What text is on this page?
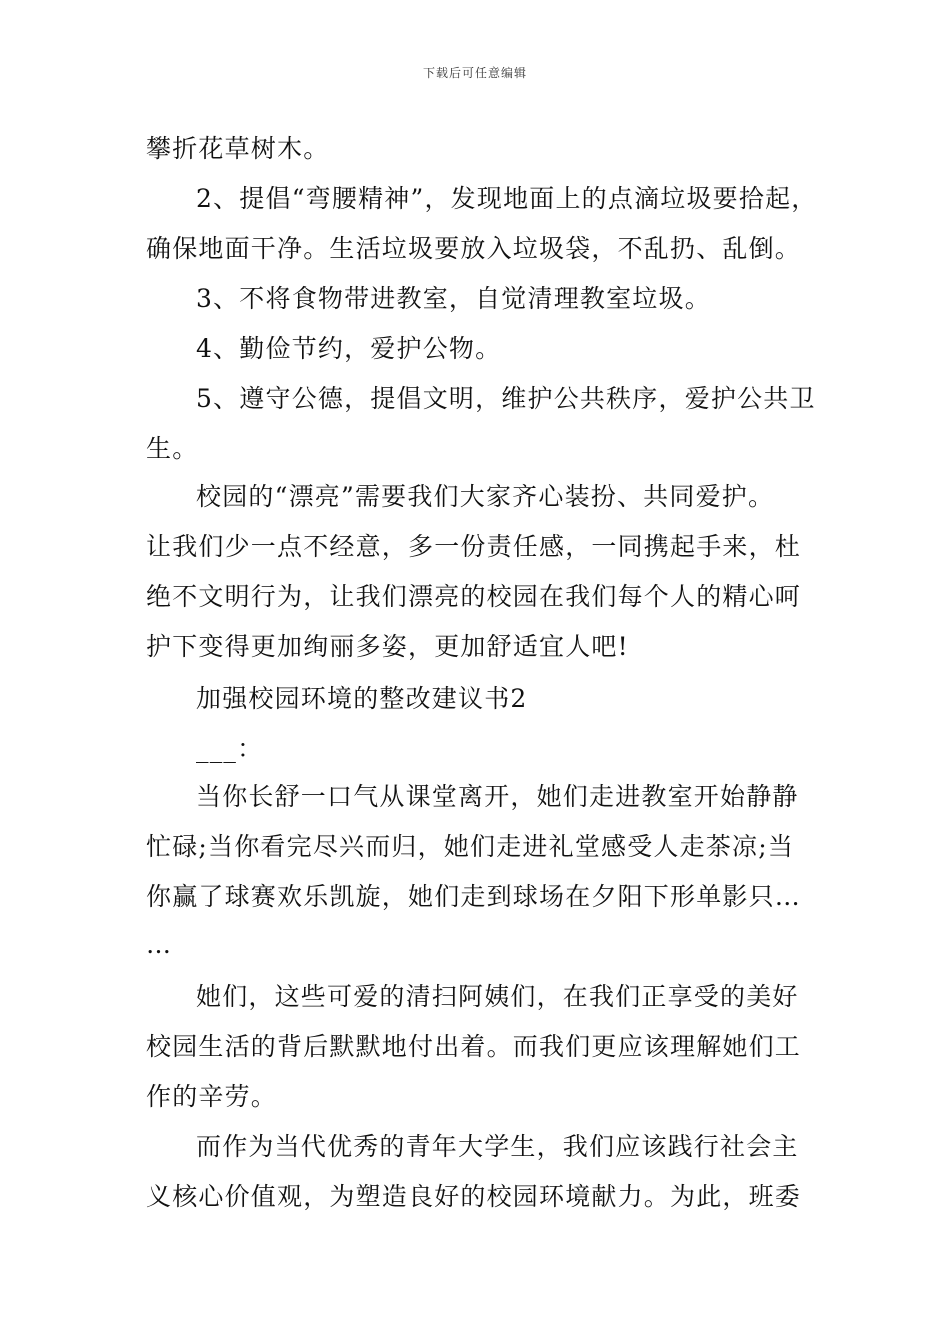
下载后可任意编辑
攀折花草树木。
2、提倡“弯腰精神”，发现地面上的点滴垃圾要拾起，
确保地面干净。生活垃圾要放入垃圾袋，不乱扔、乱倒。
3、不将食物带进教室，自觉清理教室垃圾。
4、勤俭节约，爱护公物。
5、遵守公德，提倡文明，维护公共秩序，爱护公共卫
生。
校园的“漂亮”需要我们大家齐心装扮、共同爱护。
让我们少一点不经意，多一份责任感，一同携起手来，杜
绝不文明行为，让我们漂亮的校园在我们每个人的精心呵
护下变得更加绚丽多姿，更加舒适宜人吧!
加强校园环境的整改建议书2
___：
当你长舒一口气从课堂离开，她们走进教室开始静静
忙碌;当你看完尽兴而归，她们走进礼堂感受人走茶凉;当
你赢了球赛欢乐凯旋，她们走到球场在夕阳下形单影只…
…
她们，这些可爱的清扫阿姨们，在我们正享受的美好
校园生活的背后默默地付出着。而我们更应该理解她们工
作的辛劳。
而作为当代优秀的青年大学生，我们应该践行社会主
义核心价值观，为塑造良好的校园环境献力。为此，班委
